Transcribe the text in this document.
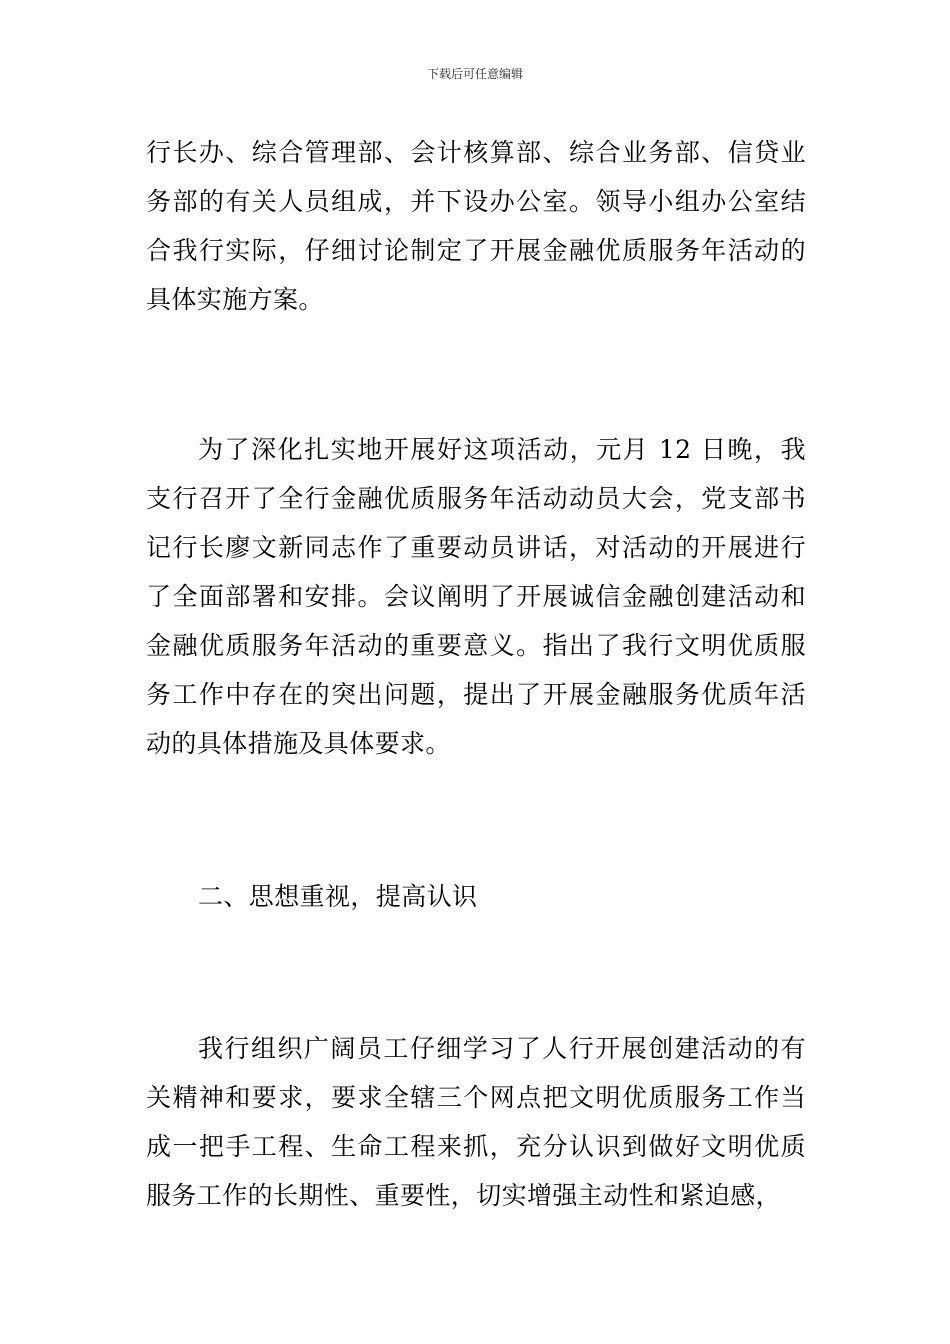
下载后可任意编辑

行长办、综合管理部、会计核算部、综合业务部、信贷业务部的有关人员组成，并下设办公室。领导小组办公室结合我行实际，仔细讨论制定了开展金融优质服务年活动的具体实施方案。

为了深化扎实地开展好这项活动，元月 12 日晚，我支行召开了全行金融优质服务年活动动员大会，党支部书记行长廖文新同志作了重要动员讲话，对活动的开展进行了全面部署和安排。会议阐明了开展诚信金融创建活动和金融优质服务年活动的重要意义。指出了我行文明优质服务工作中存在的突出问题，提出了开展金融服务优质年活动的具体措施及具体要求。

二、思想重视，提高认识

我行组织广阔员工仔细学习了人行开展创建活动的有关精神和要求，要求全辖三个网点把文明优质服务工作当成一把手工程、生命工程来抓，充分认识到做好文明优质服务工作的长期性、重要性，切实增强主动性和紧迫感，
